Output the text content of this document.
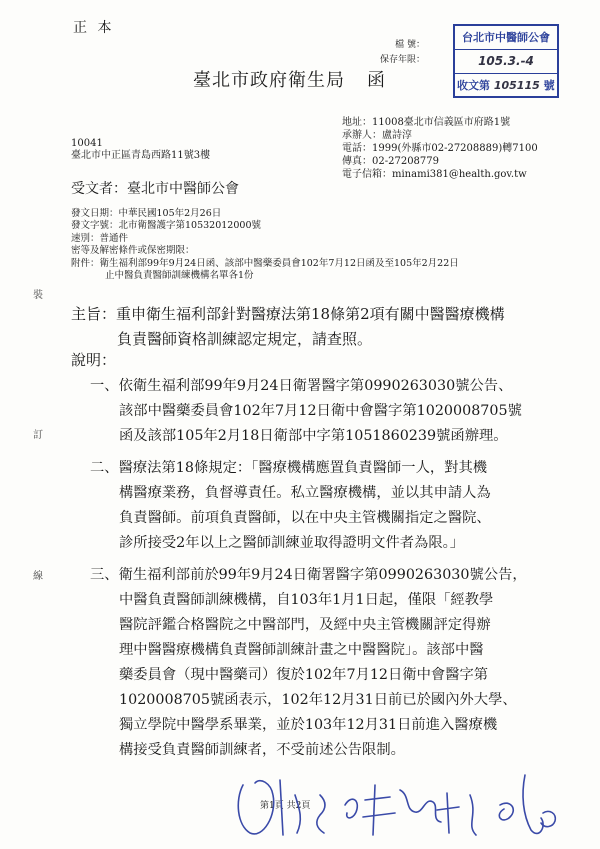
正 本
檔 號：
保存年限：
台北市中醫師公會
105.3.-4
收文第 105115 號
臺北市政府衛生局 函
地址：11008臺北市信義區市府路1號
承辦人：盧詩淳
電話：1999(外縣市02-27208889)轉7100
傳真：02-27208779
電子信箱：minami381@health.gov.tw
10041
臺北市中正區青島西路11號3樓
受文者：臺北市中醫師公會
發文日期：中華民國105年2月26日
發文字號：北市衛醫護字第10532012000號
速別：普通件
密等及解密條件或保密期限：
附件：衛生福利部99年9月24日函、該部中醫藥委員會102年7月12日函及至105年2月22日
止中醫負責醫師訓練機構名單各1份
主旨：重申衛生福利部針對醫療法第18條第2項有關中醫醫療機構
負責醫師資格訓練認定規定，請查照。
說明：
一、依衛生福利部99年9月24日衛署醫字第0990263030號公告、
該部中醫藥委員會102年7月12日衛中會醫字第1020008705號
函及該部105年2月18日衛部中字第1051860239號函辦理。
二、醫療法第18條規定：「醫療機構應置負責醫師一人，對其機
構醫療業務，負督導責任。私立醫療機構，並以其申請人為
負責醫師。前項負責醫師，以在中央主管機關指定之醫院、
診所接受2年以上之醫師訓練並取得證明文件者為限。」
三、衛生福利部前於99年9月24日衛署醫字第0990263030號公告，
中醫負責醫師訓練機構，自103年1月1日起，僅限「經教學
醫院評鑑合格醫院之中醫部門，及經中央主管機關評定得辦
理中醫醫療機構負責醫師訓練計畫之中醫醫院」。該部中醫
藥委員會（現中醫藥司）復於102年7月12日衛中會醫字第
1020008705號函表示，102年12月31日前已於國內外大學、
獨立學院中醫學系畢業，並於103年12月31日前進入醫療機
構接受負責醫師訓練者，不受前述公告限制。
裝
訂
線
第1頁 共2頁
